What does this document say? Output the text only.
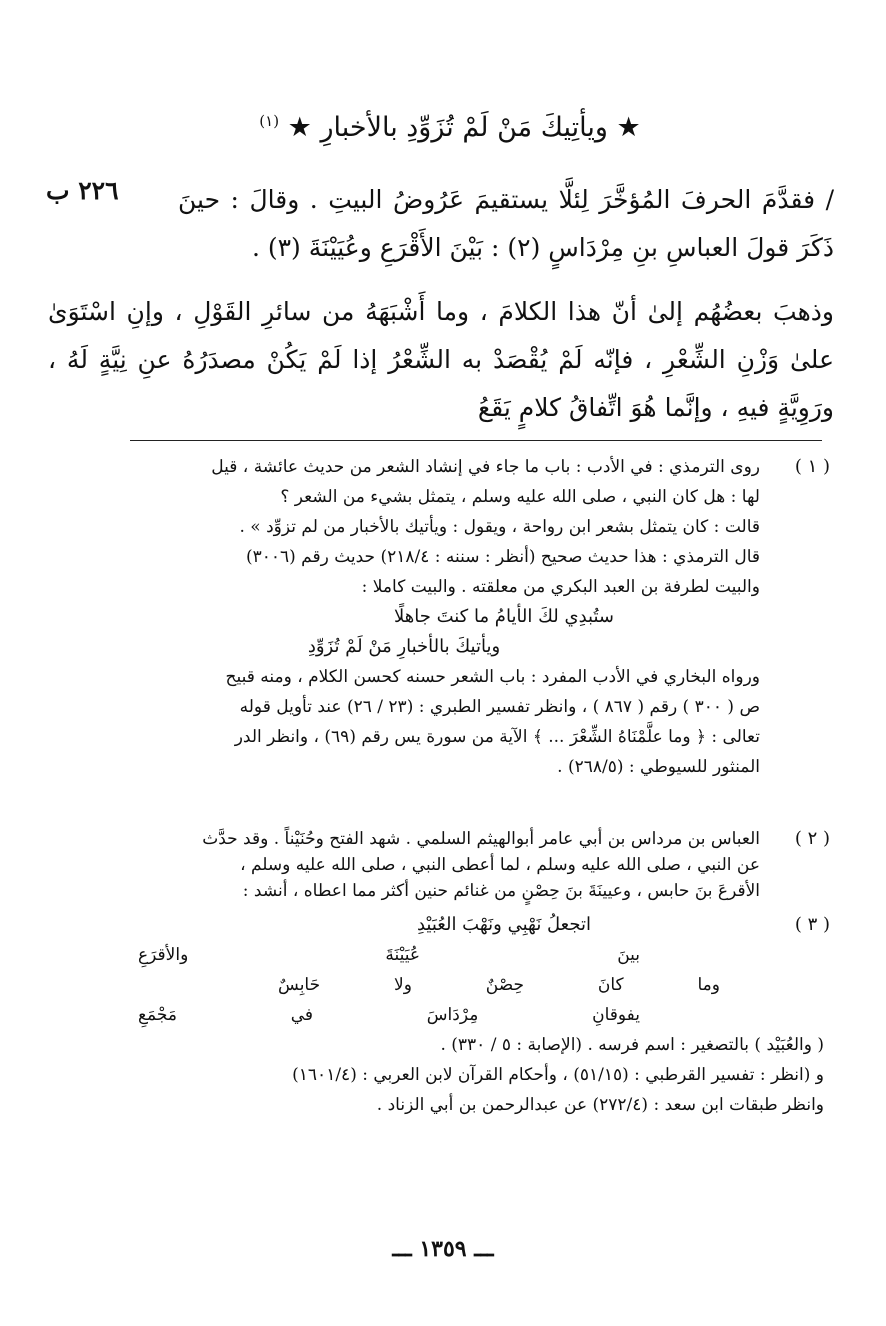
★ ويأتِيكَ مَنْ لَمْ تُزَوِّدِ بالأخبارِ ★ $^{(١)}$
٢٢٦ ب	/ فقدَّمَ الحرفَ المُؤخَّرَ لِئلَّا يستقيمَ عَرُوضُ البيتِ . وقالَ : حينَ ذَكَرَ قولَ العباسِ بنِ مِرْدَاسٍ (٢) : بَيْنَ الأَقْرَعِ وعُيَيْنَةَ (٣) .

وذهبَ بعضُهُم إلىٰ أنّ هذا الكلامَ ، وما أَشْبَهَهُ من سائرِ القَوْلِ ، وإنِ اسْتَوَىٰ علىٰ وَزْنِ الشِّعْرِ ، فإنّه لَمْ يُقْصَدْ به الشِّعْرُ إذا لَمْ يَكُنْ مصدَرُهُ عنِ نِيَّةٍ لَهُ ، ورَوِيَّةٍ فيهِ ، وإنَّما هُوَ اتِّفاقُ كلامٍ يَقَعُ

( ١ )

روى الترمذي : في الأدب : باب ما جاء في إنشاد الشعر من حديث عائشة ، قيل

لها : هل كان النبي ، صلى الله عليه وسلم ، يتمثل بشيء من الشعر ؟

قالت : كان يتمثل بشعر ابن رواحة ، ويقول : ويأتيك بالأخبار من لم تزوِّد » .

قال الترمذي : هذا حديث صحيح (أنظر : سننه : ٢١٨/٤) حديث رقم (٣٠٠٦)

والبيت لطرفة بن العبد البكري من معلقته . والبيت كاملا :

ستُبدِي لكَ الأيامُ ما كنتَ جاهلًا
ويأتيكَ بالأخبارِ مَنْ لَمْ تُزَوِّدِ

ورواه البخاري في الأدب المفرد : باب الشعر حسنه كحسن الكلام ، ومنه قبيح

ص ( ٣٠٠ ) رقم ( ٨٦٧ ) ، وانظر تفسير الطبري : (٢٣ / ٢٦) عند تأويل قوله

تعالى : ﴿ وما علَّمْنَاهُ الشِّعْرَ ... ﴾ الآية من سورة يس رقم (٦٩) ، وانظر الدر

المنثور للسيوطي : (٢٦٨/٥) .

( ٢ )

العباس بن مرداس بن أبي عامر أبوالهيثم السلمي . شهد الفتح وحُنَيْناً . وقد حدَّث

عن النبي ، صلى الله عليه وسلم ، لما أعطى النبي ، صلى الله عليه وسلم ،

الأقرعَ بنَ حابس ، وعيينَةَ بنَ حِصْنٍ من غنائم حنين أكثر مما اعطاه ، أنشد :

( ٣ )
اتجعلُ نَهْبِي ونَهْبَ العُبَيْدِ
بينَ
عُيَيْنَةَ
والأقرَعِ
وما
كانَ
حِصْنٌ
ولا
حَابِسٌ
يفوقانِ
مِرْدَاسَ
في
مَجْمَعِ

( والعُبَيْد ) بالتصغير : اسم فرسه . (الإصابة : ٥ / ٣٣٠) .

و (انظر : تفسير القرطبي : (٥١/١٥) ، وأحكام القرآن لابن العربي : (١٦٠١/٤)

وانظر طبقات ابن سعد : (٢٧٢/٤) عن عبدالرحمن بن أبي الزناد .

ـــ ١٣٥٩ ـــ
